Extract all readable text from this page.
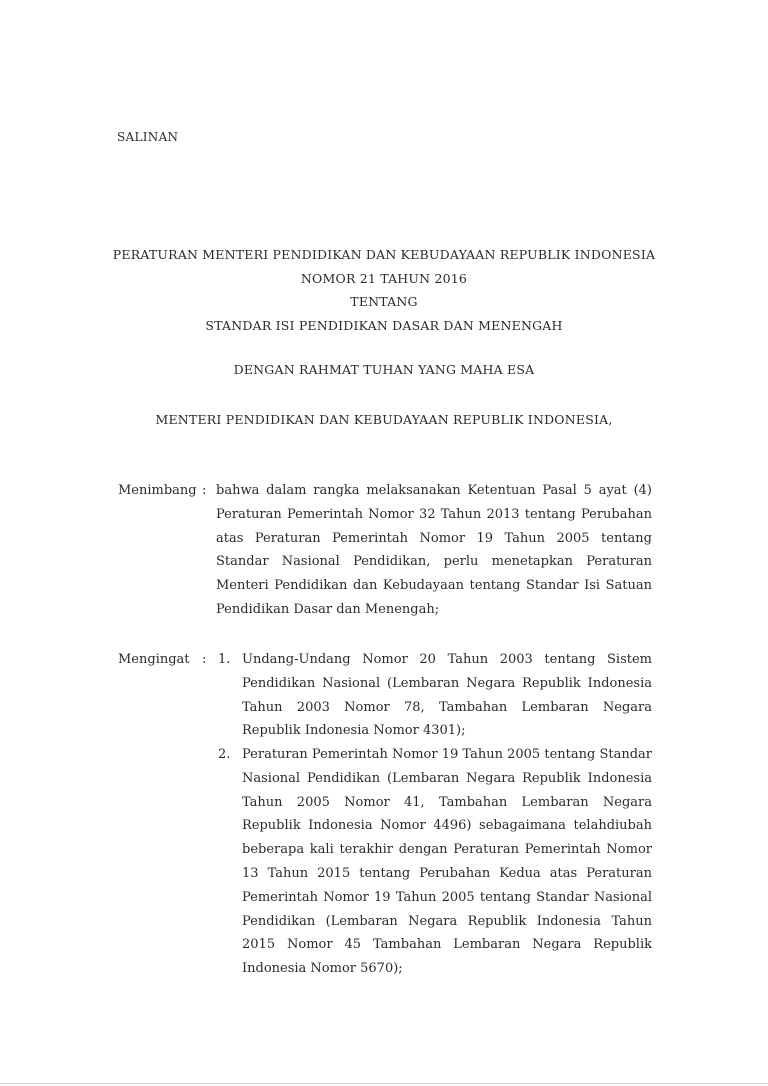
SALINAN
PERATURAN MENTERI PENDIDIKAN DAN KEBUDAYAAN REPUBLIK INDONESIA
NOMOR 21 TAHUN 2016
TENTANG
STANDAR ISI PENDIDIKAN DASAR DAN MENENGAH
DENGAN RAHMAT TUHAN YANG MAHA ESA
MENTERI PENDIDIKAN DAN KEBUDAYAAN REPUBLIK INDONESIA,
Menimbang : bahwa dalam rangka melaksanakan Ketentuan Pasal 5 ayat (4) Peraturan Pemerintah Nomor 32 Tahun 2013 tentang Perubahan atas Peraturan Pemerintah Nomor 19 Tahun 2005 tentang Standar Nasional Pendidikan, perlu menetapkan Peraturan Menteri Pendidikan dan Kebudayaan tentang Standar Isi Satuan Pendidikan Dasar dan Menengah;
Mengingat : 1. Undang-Undang Nomor 20 Tahun 2003 tentang Sistem Pendidikan Nasional (Lembaran Negara Republik Indonesia Tahun 2003 Nomor 78, Tambahan Lembaran Negara Republik Indonesia Nomor 4301);
2. Peraturan Pemerintah Nomor 19 Tahun 2005 tentang Standar Nasional Pendidikan (Lembaran Negara Republik Indonesia Tahun 2005 Nomor 41, Tambahan Lembaran Negara Republik Indonesia Nomor 4496) sebagaimana telahdiubah beberapa kali terakhir dengan Peraturan Pemerintah Nomor 13 Tahun 2015 tentang Perubahan Kedua atas Peraturan Pemerintah Nomor 19 Tahun 2005 tentang Standar Nasional Pendidikan (Lembaran Negara Republik Indonesia Tahun 2015 Nomor 45 Tambahan Lembaran Negara Republik Indonesia Nomor 5670);
